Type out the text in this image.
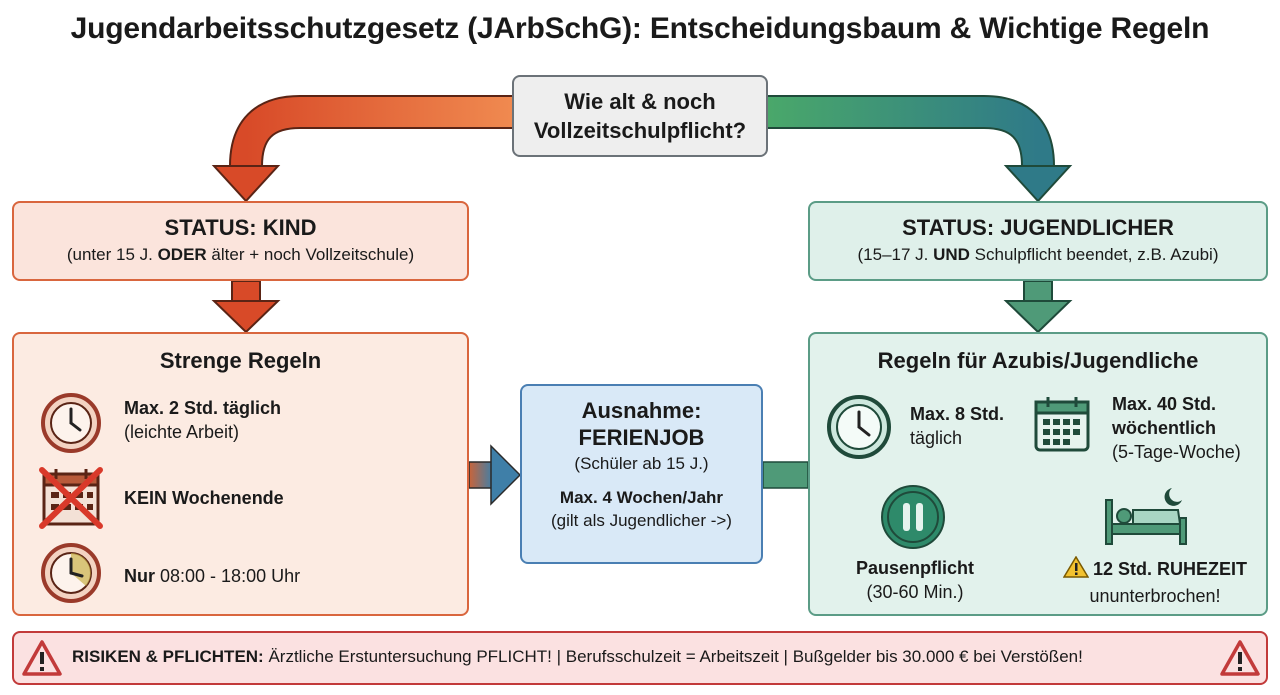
Jugendarbeitsschutzgesetz (JArbSchG): Entscheidungsbaum & Wichtige Regeln
Wie alt & noch
Vollzeitschulpflicht?
STATUS: KIND
(unter 15 J. ODER älter + noch Vollzeitschule)
STATUS: JUGENDLICHER
(15–17 J. UND Schulpflicht beendet, z.B. Azubi)
Strenge Regeln
Max. 2 Std. täglich
(leichte Arbeit)
KEIN Wochenende
Nur 08:00 - 18:00 Uhr
Ausnahme:
FERIENJOB
(Schüler ab 15 J.)
Max. 4 Wochen/Jahr
(gilt als Jugendlicher ->)
Regeln für Azubis/Jugendliche
Max. 8 Std.
täglich
Max. 40 Std.
wöchentlich
(5-Tage-Woche)
Pausenpflicht
(30-60 Min.)
12 Std. RUHEZEIT
ununterbrochen!
RISIKEN & PFLICHTEN: Ärztliche Erstuntersuchung PFLICHT! | Berufsschulzeit = Arbeitszeit | Bußgelder bis 30.000 € bei Verstößen!
